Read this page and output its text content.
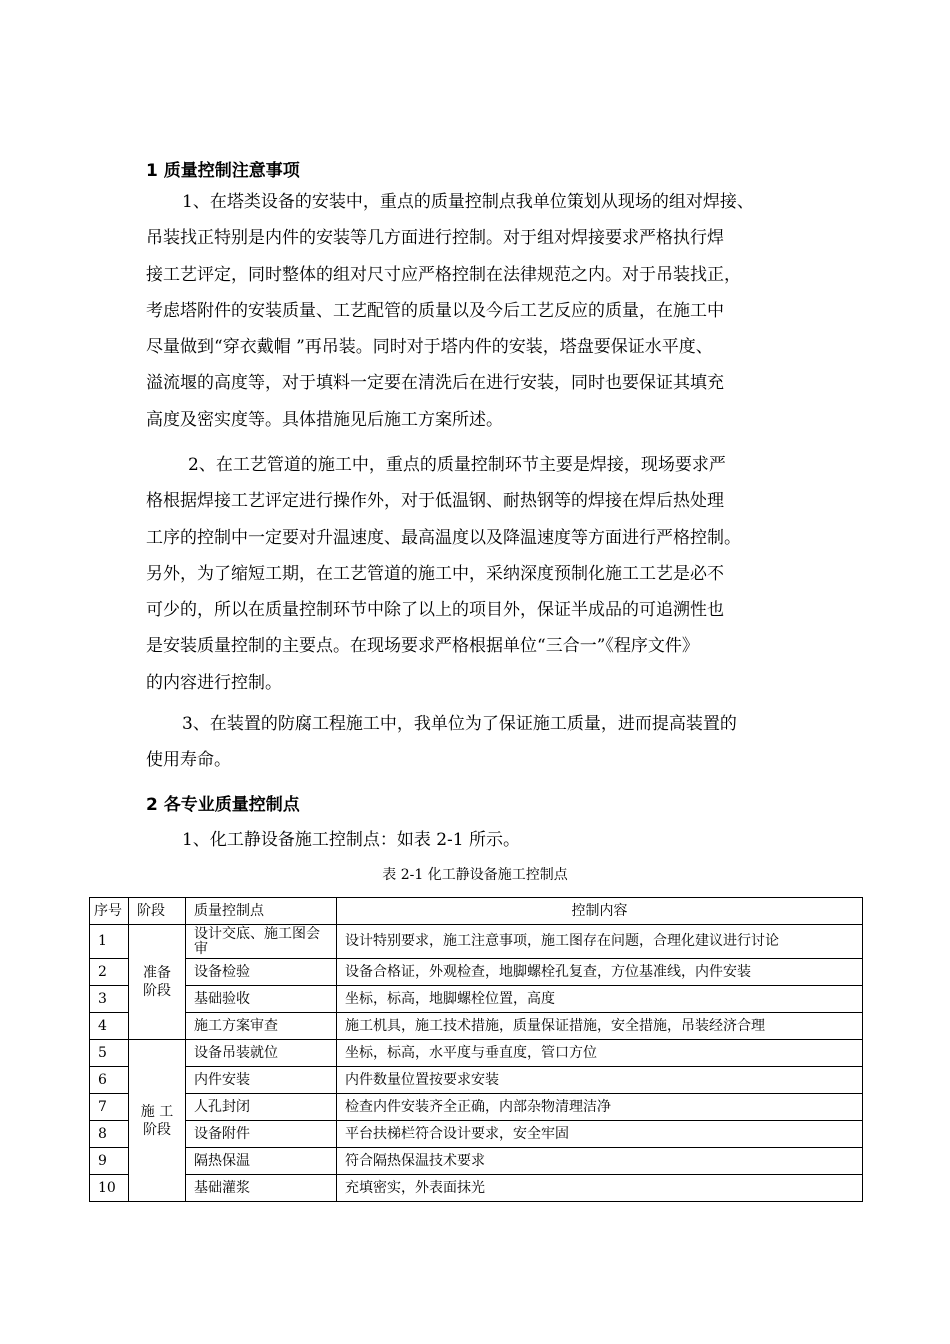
1 质量控制注意事项
1、在塔类设备的安装中，重点的质量控制点我单位策划从现场的组对焊接、
吊装找正特别是内件的安装等几方面进行控制。对于组对焊接要求严格执行焊
接工艺评定，同时整体的组对尺寸应严格控制在法律规范之内。对于吊装找正，
考虑塔附件的安装质量、工艺配管的质量以及今后工艺反应的质量，在施工中
尽量做到“穿衣戴帽 ”再吊装。同时对于塔内件的安装，塔盘要保证水平度、
溢流堰的高度等，对于填料一定要在清洗后在进行安装，同时也要保证其填充
高度及密实度等。具体措施见后施工方案所述。
2、在工艺管道的施工中，重点的质量控制环节主要是焊接，现场要求严
格根据焊接工艺评定进行操作外，对于低温钢、耐热钢等的焊接在焊后热处理
工序的控制中一定要对升温速度、最高温度以及降温速度等方面进行严格控制。
另外，为了缩短工期，在工艺管道的施工中，采纳深度预制化施工工艺是必不
可少的，所以在质量控制环节中除了以上的项目外，保证半成品的可追溯性也
是安装质量控制的主要点。在现场要求严格根据单位“三合一”《程序文件》
的内容进行控制。
3、在装置的防腐工程施工中，我单位为了保证施工质量，进而提高装置的
使用寿命。
2 各专业质量控制点
1、化工静设备施工控制点：如表 2-1 所示。
表 2-1 化工静设备施工控制点
序号	阶段	质量控制点	控制内容
1	准备阶段	设计交底、施工图会审	设计特别要求，施工注意事项，施工图存在问题，合理化建议进行讨论
2		设备检验	设备合格证，外观检查，地脚螺栓孔复查，方位基准线，内件安装
3		基础验收	坐标，标高，地脚螺栓位置，高度
4		施工方案审查	施工机具，施工技术措施，质量保证措施，安全措施，吊装经济合理
5	施 工阶段	设备吊装就位	坐标，标高，水平度与垂直度，管口方位
6		内件安装	内件数量位置按要求安装
7		人孔封闭	检查内件安装齐全正确，内部杂物清理洁净
8		设备附件	平台扶梯栏符合设计要求，安全牢固
9		隔热保温	符合隔热保温技术要求
10		基础灌浆	充填密实，外表面抹光
